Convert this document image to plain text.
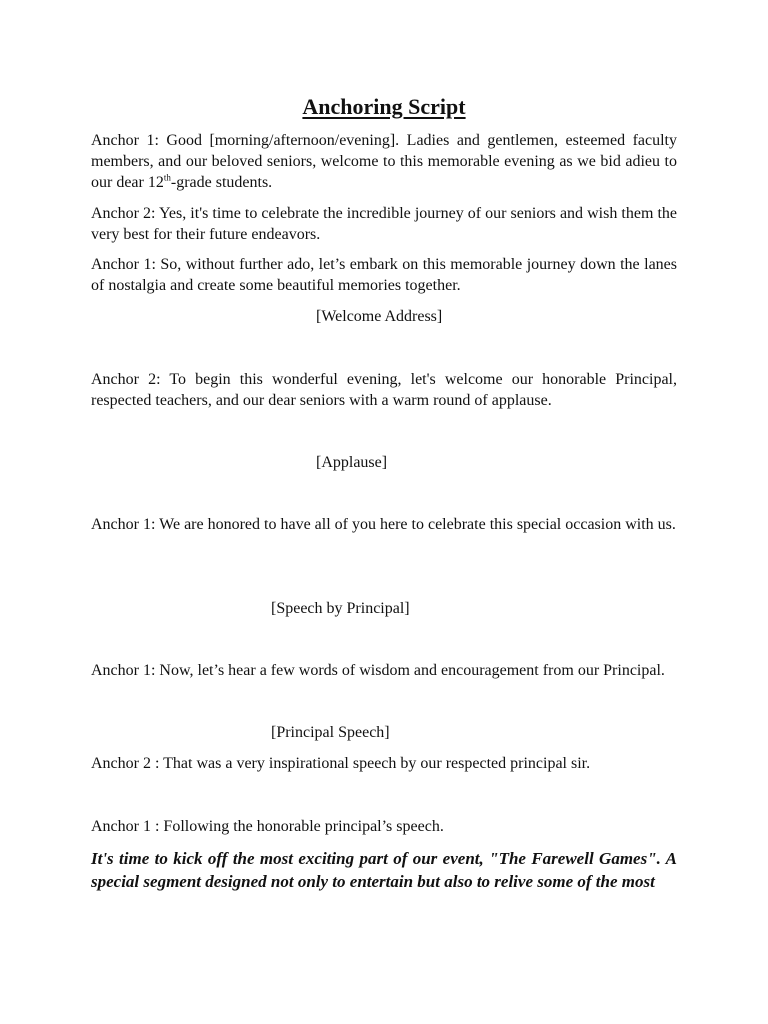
Anchoring Script

Anchor 1: Good [morning/afternoon/evening]. Ladies and gentlemen, esteemed faculty members, and our beloved seniors, welcome to this memorable evening as we bid adieu to our dear 12th-grade students.

Anchor 2: Yes, it's time to celebrate the incredible journey of our seniors and wish them the very best for their future endeavors.

Anchor 1: So, without further ado, let’s embark on this memorable journey down the lanes of nostalgia and create some beautiful memories together.

[Welcome Address]

Anchor 2: To begin this wonderful evening, let's welcome our honorable Principal, respected teachers, and our dear seniors with a warm round of applause.

[Applause]

Anchor 1: We are honored to have all of you here to celebrate this special occasion with us.

[Speech by Principal]

Anchor 1: Now, let’s hear a few words of wisdom and encouragement from our Principal.

[Principal Speech]

Anchor 2 : That was a very inspirational speech by our respected principal sir.

Anchor 1 : Following the honorable principal’s speech.

It's time to kick off the most exciting part of our event, "The Farewell Games". A special segment designed not only to entertain but also to relive some of the most
